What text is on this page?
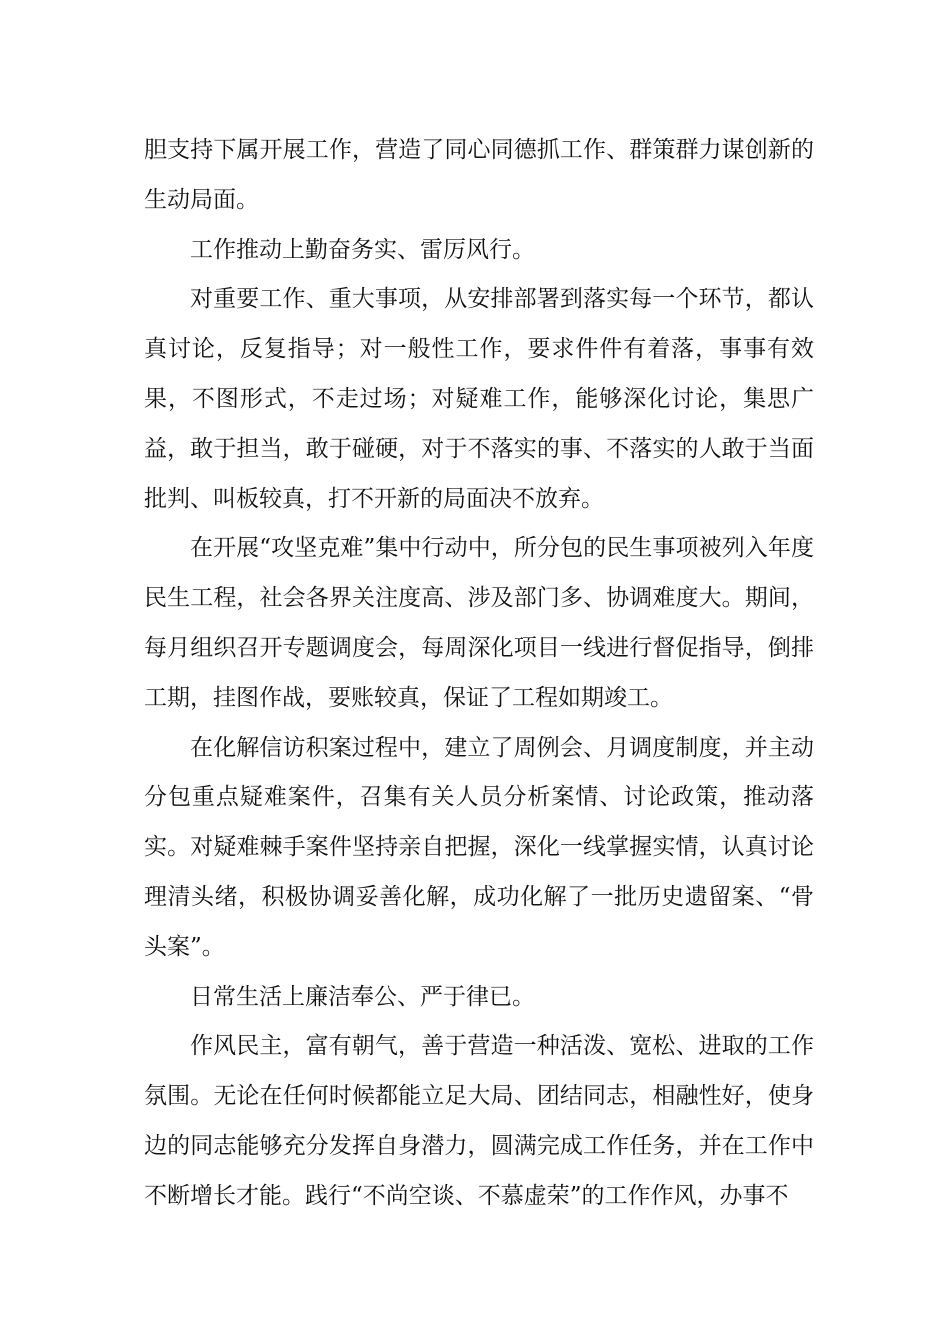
胆支持下属开展工作，营造了同心同德抓工作、群策群力谋创新的生动局面。

工作推动上勤奋务实、雷厉风行。

对重要工作、重大事项，从安排部署到落实每一个环节，都认真讨论，反复指导；对一般性工作，要求件件有着落，事事有效果，不图形式，不走过场；对疑难工作，能够深化讨论，集思广益，敢于担当，敢于碰硬，对于不落实的事、不落实的人敢于当面批判、叫板较真，打不开新的局面决不放弃。

在开展“攻坚克难”集中行动中，所分包的民生事项被列入年度民生工程，社会各界关注度高、涉及部门多、协调难度大。期间，每月组织召开专题调度会，每周深化项目一线进行督促指导，倒排工期，挂图作战，要账较真，保证了工程如期竣工。

在化解信访积案过程中，建立了周例会、月调度制度，并主动分包重点疑难案件，召集有关人员分析案情、讨论政策，推动落实。对疑难棘手案件坚持亲自把握，深化一线掌握实情，认真讨论理清头绪，积极协调妥善化解，成功化解了一批历史遗留案、“骨头案”。

日常生活上廉洁奉公、严于律已。

作风民主，富有朝气，善于营造一种活泼、宽松、进取的工作氛围。无论在任何时候都能立足大局、团结同志，相融性好，使身边的同志能够充分发挥自身潜力，圆满完成工作任务，并在工作中不断增长才能。践行“不尚空谈、不慕虚荣”的工作作风，办事不
